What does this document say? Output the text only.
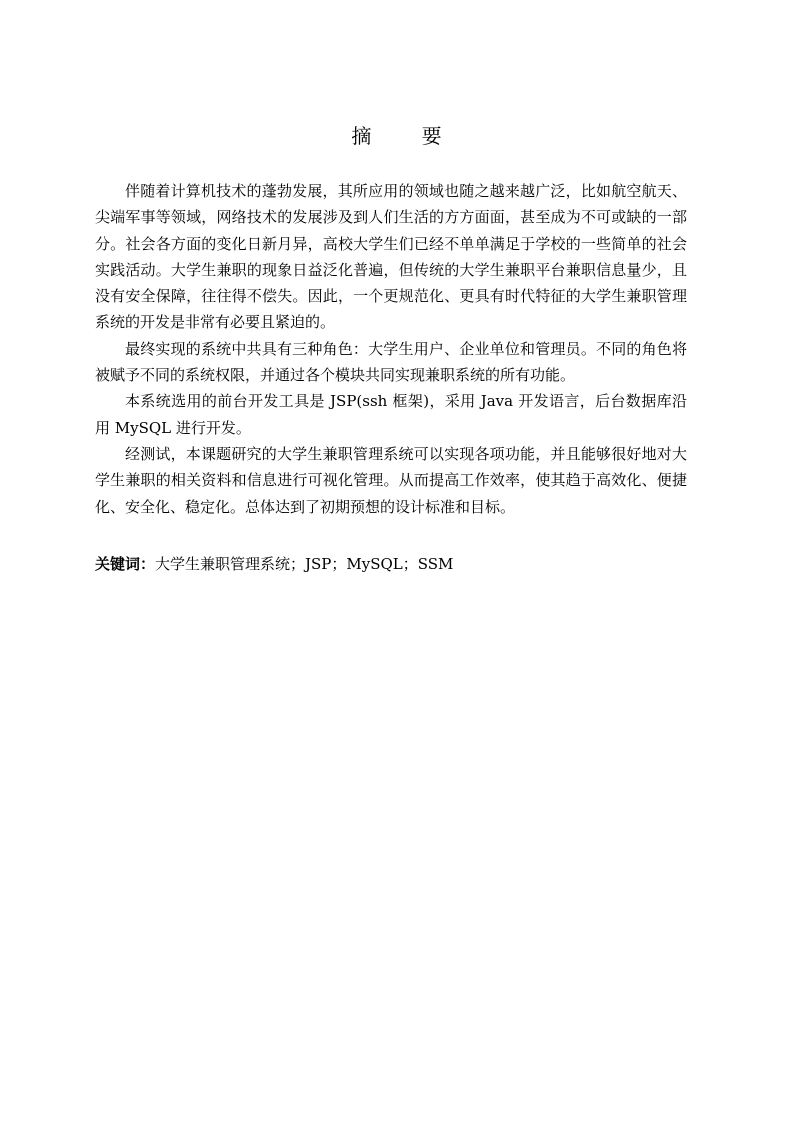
摘 要

伴随着计算机技术的蓬勃发展，其所应用的领域也随之越来越广泛，比如航空航天、尖端军事等领域，网络技术的发展涉及到人们生活的方方面面，甚至成为不可或缺的一部分。社会各方面的变化日新月异，高校大学生们已经不单单满足于学校的一些简单的社会实践活动。大学生兼职的现象日益泛化普遍，但传统的大学生兼职平台兼职信息量少，且没有安全保障，往往得不偿失。因此，一个更规范化、更具有时代特征的大学生兼职管理系统的开发是非常有必要且紧迫的。

最终实现的系统中共具有三种角色：大学生用户、企业单位和管理员。不同的角色将被赋予不同的系统权限，并通过各个模块共同实现兼职系统的所有功能。

本系统选用的前台开发工具是 JSP(ssh 框架)，采用 Java 开发语言，后台数据库沿用 MySQL 进行开发。

经测试，本课题研究的大学生兼职管理系统可以实现各项功能，并且能够很好地对大学生兼职的相关资料和信息进行可视化管理。从而提高工作效率，使其趋于高效化、便捷化、安全化、稳定化。总体达到了初期预想的设计标准和目标。

关键词：大学生兼职管理系统；JSP；MySQL；SSM
